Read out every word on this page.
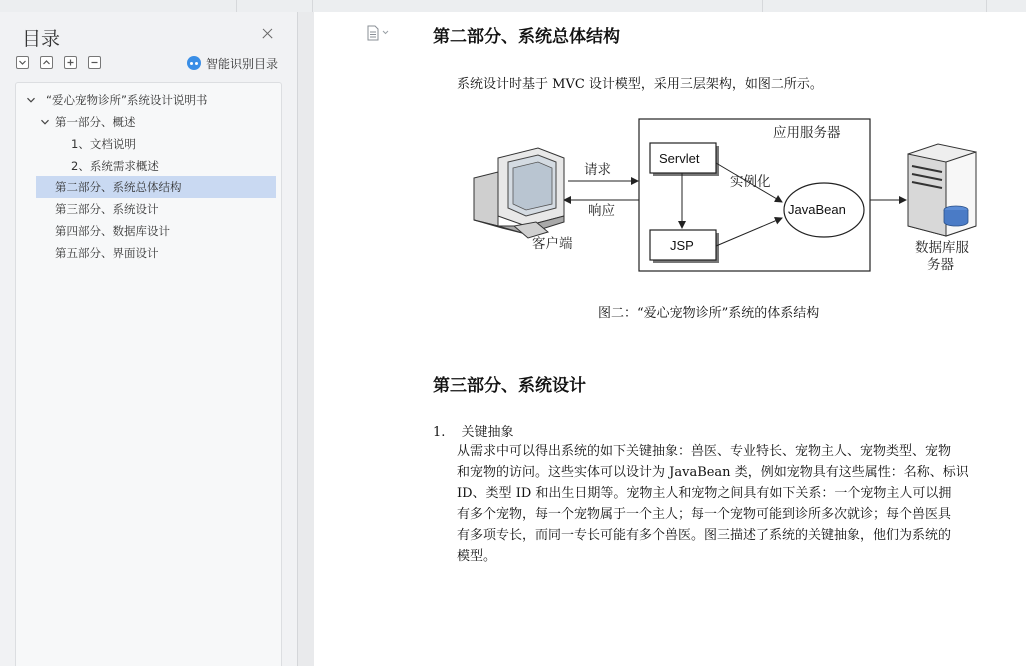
目录
智能识别目录
“爱心宠物诊所”系统设计说明书
第一部分、概述
1、文档说明
2、系统需求概述
第二部分、系统总体结构
第三部分、系统设计
第四部分、数据库设计
第五部分、界面设计
第二部分、系统总体结构
系统设计时基于 MVC 设计模型，采用三层架构，如图二所示。
应用服务器
Servlet
JSP
JavaBean
请求
响应
实例化
客户端	数据库服
务器
图二：“爱心宠物诊所”系统的体系结构
第三部分、系统设计
1. 关键抽象
从需求中可以得出系统的如下关键抽象：兽医、专业特长、宠物主人、宠物类型、宠物
和宠物的访问。这些实体可以设计为 JavaBean 类，例如宠物具有这些属性：名称、标识
ID、类型 ID 和出生日期等。宠物主人和宠物之间具有如下关系：一个宠物主人可以拥
有多个宠物，每一个宠物属于一个主人；每一个宠物可能到诊所多次就诊；每个兽医具
有多项专长，而同一专长可能有多个兽医。图三描述了系统的关键抽象，他们为系统的
模型。
